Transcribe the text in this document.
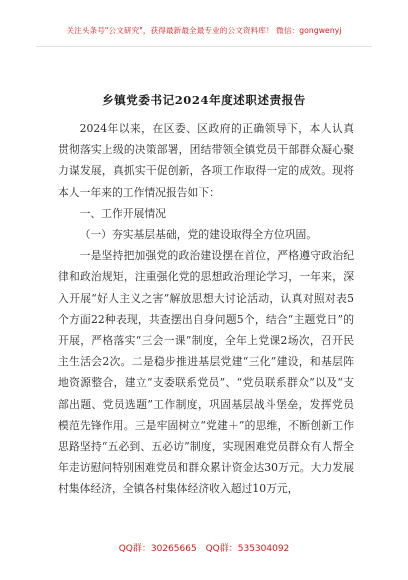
关注头条号"公文研究"，获得最新最全最专业的公文资料库！ 微信：gongwenyj
乡镇党委书记2024年度述职述责报告

2024年以来，在区委、区政府的正确领导下，本人认真贯彻落实上级的决策部署，团结带领全镇党员干部群众凝心聚力谋发展，真抓实干促创新，各项工作取得一定的成效。现将本人一年来的工作情况报告如下：

一、工作开展情况

（一）夯实基层基础，党的建设取得全方位巩固。

一是坚持把加强党的政治建设摆在首位，严格遵守政治纪律和政治规矩，注重强化党的思想政治理论学习，一年来，深入开展“好人主义之害”解放思想大讨论活动，认真对照对表5个方面22种表现，共查摆出自身问题5个，结合“主题党日”的开展，严格落实“三会一课”制度，全年上党课2场次，召开民主生活会2次。二是稳步推进基层党建“三化”建设，和基层阵地资源整合，建立“支委联系党员”、“党员联系群众”以及“支部出题、党员选题”工作制度，巩固基层战斗堡垒，发挥党员模范先锋作用。三是牢固树立“党建＋”的思维，不断创新工作思路坚持“五必到、五必访”制度，实现困难党员群众有人帮全年走访慰问特别困难党员和群众累计资金达30万元。大力发展村集体经济，全镇各村集体经济收入超过10万元，

QQ群：30265665 QQ群：535304092
